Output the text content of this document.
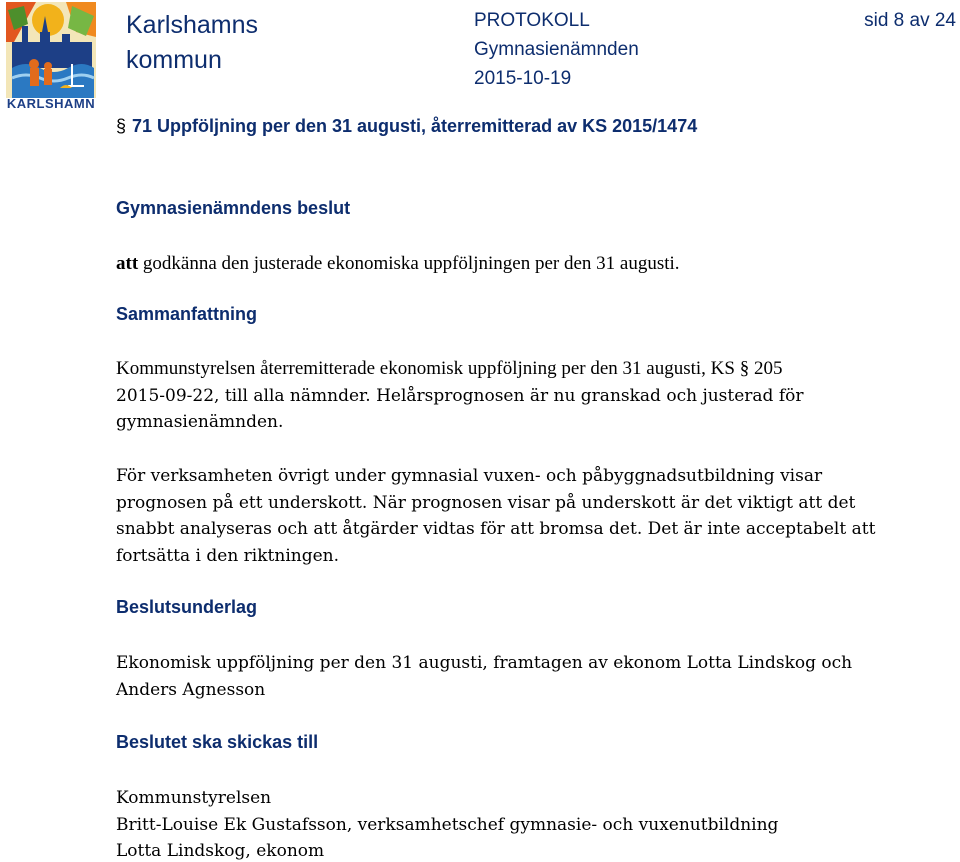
KARLSHAMN
Karlshamns
kommun
PROTOKOLL
Gymnasienämnden
2015-10-19
sid 8 av 24
§ 71 Uppföljning per den 31 augusti, återremitterad av KS 2015/1474
Gymnasienämndens beslut
att godkänna den justerade ekonomiska uppföljningen per den 31 augusti.
Sammanfattning
Kommunstyrelsen återremitterade ekonomisk uppföljning per den 31 augusti, KS § 205
2015-09-22, till alla nämnder. Helårsprognosen är nu granskad och justerad för
gymnasienämnden.
För verksamheten övrigt under gymnasial vuxen- och påbyggnadsutbildning visar
prognosen på ett underskott. När prognosen visar på underskott är det viktigt att det
snabbt analyseras och att åtgärder vidtas för att bromsa det. Det är inte acceptabelt att
fortsätta i den riktningen.
Beslutsunderlag
Ekonomisk uppföljning per den 31 augusti, framtagen av ekonom Lotta Lindskog och
Anders Agnesson
Beslutet ska skickas till
Kommunstyrelsen
Britt-Louise Ek Gustafsson, verksamhetschef gymnasie- och vuxenutbildning
Lotta Lindskog, ekonom
